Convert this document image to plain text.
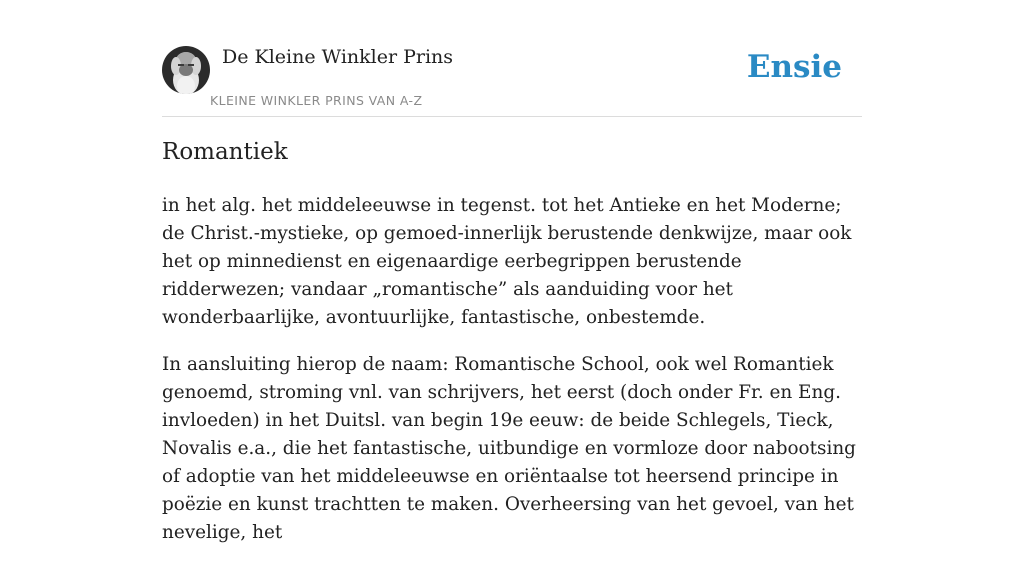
De Kleine Winkler Prins
KLEINE WINKLER PRINS VAN A-Z
Ensie
Romantiek

in het alg. het middeleeuwse in tegenst. tot het Antieke en het Moderne; de Christ.-mystieke, op gemoed-innerlijk berustende denkwijze, maar ook het op minnedienst en eigenaardige eerbegrippen berustende ridderwezen; vandaar „romantische” als aanduiding voor het wonderbaarlijke, avontuurlijke, fantastische, onbestemde.

In aansluiting hierop de naam: Romantische School, ook wel Romantiek genoemd, stroming vnl. van schrijvers, het eerst (doch onder Fr. en Eng. invloeden) in het Duitsl. van begin 19e eeuw: de beide Schlegels, Tieck, Novalis e.a., die het fantastische, uitbundige en vormloze door nabootsing of adoptie van het middeleeuwse en oriëntaalse tot heersend principe in poëzie en kunst trachtten te maken. Overheersing van het gevoel, van het nevelige, het
